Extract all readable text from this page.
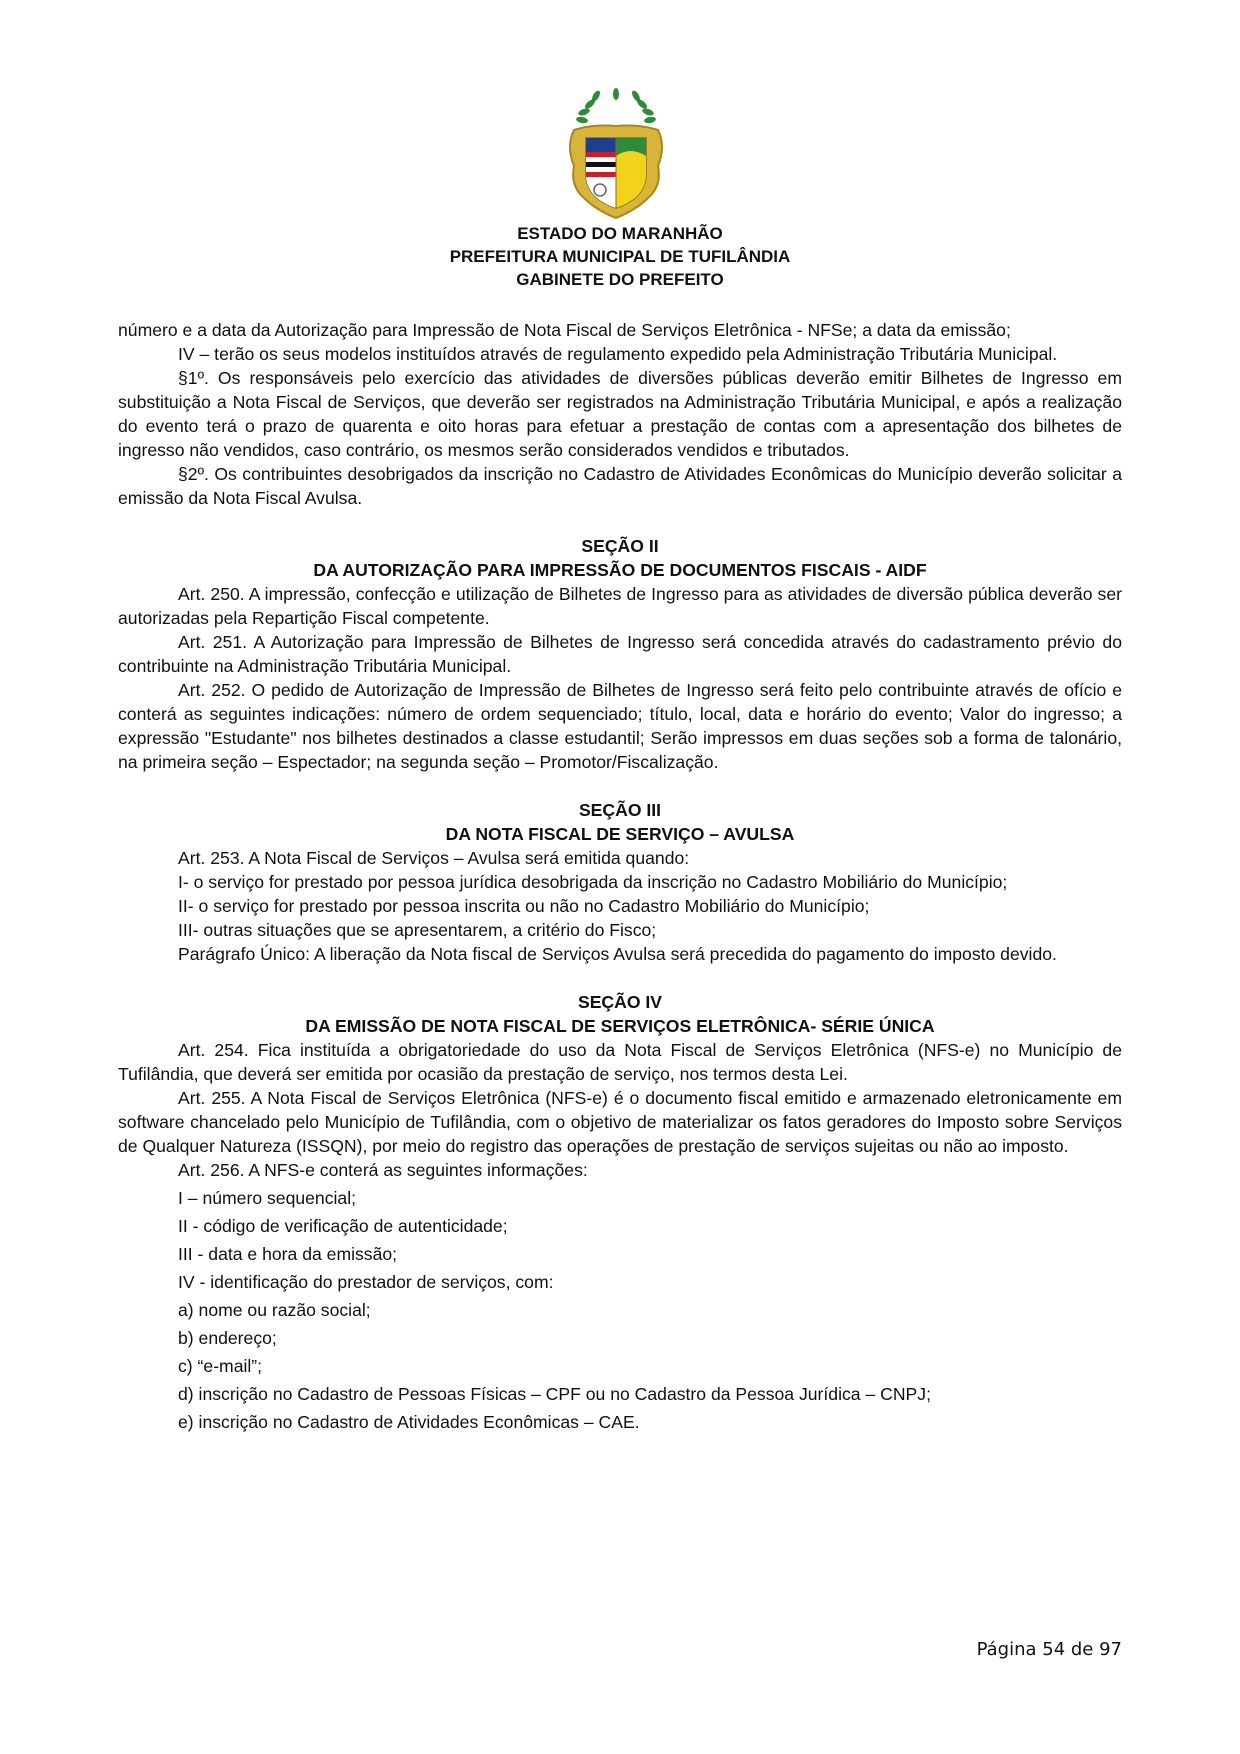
ESTADO DO MARANHÃO
PREFEITURA MUNICIPAL DE TUFILÂNDIA
GABINETE DO PREFEITO

número e a data da Autorização para Impressão de Nota Fiscal de Serviços Eletrônica - NFSe; a data da emissão;

IV – terão os seus modelos instituídos através de regulamento expedido pela Administração Tributária Municipal.

§1º. Os responsáveis pelo exercício das atividades de diversões públicas deverão emitir Bilhetes de Ingresso em substituição a Nota Fiscal de Serviços, que deverão ser registrados na Administração Tributária Municipal, e após a realização do evento terá o prazo de quarenta e oito horas para efetuar a prestação de contas com a apresentação dos bilhetes de ingresso não vendidos, caso contrário, os mesmos serão considerados vendidos e tributados.

§2º. Os contribuintes desobrigados da inscrição no Cadastro de Atividades Econômicas do Município deverão solicitar a emissão da Nota Fiscal Avulsa.

SEÇÃO II
DA AUTORIZAÇÃO PARA IMPRESSÃO DE DOCUMENTOS FISCAIS - AIDF

Art. 250. A impressão, confecção e utilização de Bilhetes de Ingresso para as atividades de diversão pública deverão ser autorizadas pela Repartição Fiscal competente.

Art. 251. A Autorização para Impressão de Bilhetes de Ingresso será concedida através do cadastramento prévio do contribuinte na Administração Tributária Municipal.

Art. 252. O pedido de Autorização de Impressão de Bilhetes de Ingresso será feito pelo contribuinte através de ofício e conterá as seguintes indicações: número de ordem sequenciado; título, local, data e horário do evento; Valor do ingresso; a expressão "Estudante" nos bilhetes destinados a classe estudantil; Serão impressos em duas seções sob a forma de talonário, na primeira seção – Espectador; na segunda seção – Promotor/Fiscalização.

SEÇÃO III
DA NOTA FISCAL DE SERVIÇO – AVULSA

Art. 253. A Nota Fiscal de Serviços – Avulsa será emitida quando:

I- o serviço for prestado por pessoa jurídica desobrigada da inscrição no Cadastro Mobiliário do Município;

II- o serviço for prestado por pessoa inscrita ou não no Cadastro Mobiliário do Município;

III- outras situações que se apresentarem, a critério do Fisco;

Parágrafo Único: A liberação da Nota fiscal de Serviços Avulsa será precedida do pagamento do imposto devido.

SEÇÃO IV
DA EMISSÃO DE NOTA FISCAL DE SERVIÇOS ELETRÔNICA- SÉRIE ÚNICA

Art. 254. Fica instituída a obrigatoriedade do uso da Nota Fiscal de Serviços Eletrônica (NFS-e) no Município de Tufilândia, que deverá ser emitida por ocasião da prestação de serviço, nos termos desta Lei.

Art. 255. A Nota Fiscal de Serviços Eletrônica (NFS-e) é o documento fiscal emitido e armazenado eletronicamente em software chancelado pelo Município de Tufilândia, com o objetivo de materializar os fatos geradores do Imposto sobre Serviços de Qualquer Natureza (ISSQN), por meio do registro das operações de prestação de serviços sujeitas ou não ao imposto.

Art. 256. A NFS-e conterá as seguintes informações:

I – número sequencial;

II - código de verificação de autenticidade;

III - data e hora da emissão;

IV - identificação do prestador de serviços, com:

a) nome ou razão social;

b) endereço;

c) “e-mail”;

d) inscrição no Cadastro de Pessoas Físicas – CPF ou no Cadastro da Pessoa Jurídica – CNPJ;

e) inscrição no Cadastro de Atividades Econômicas – CAE.

Página 54 de 97
